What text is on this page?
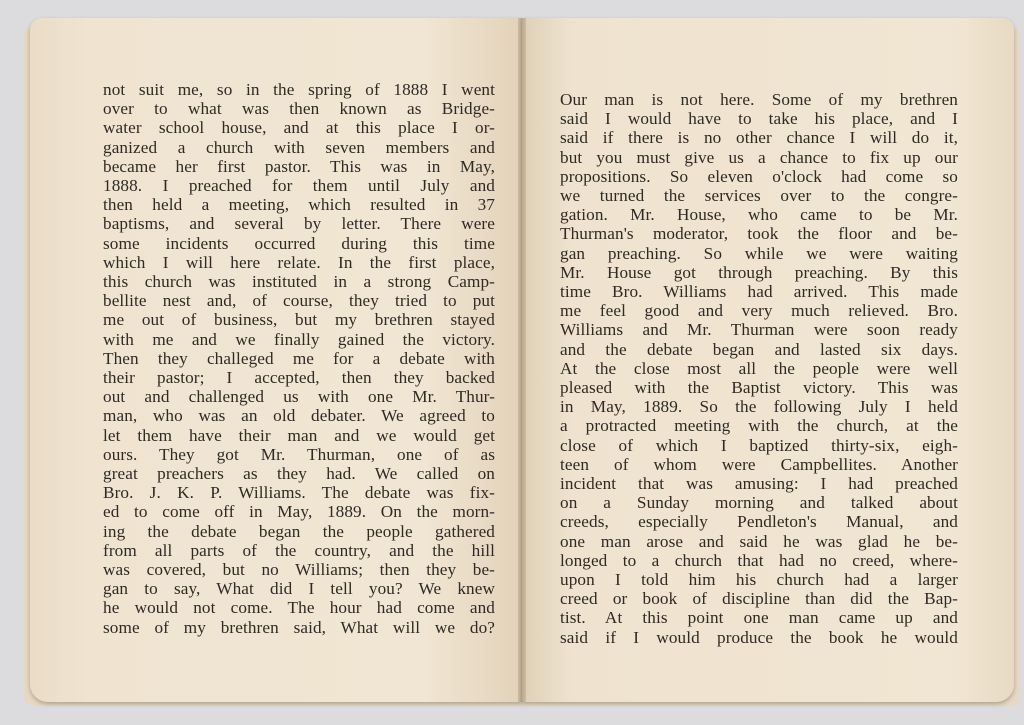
not suit me, so in the spring of 1888 I went
over to what was then known as Bridge-
water school house, and at this place I or-
ganized a church with seven members and
became her first pastor. This was in May,
1888. I preached for them until July and
then held a meeting, which resulted in 37
baptisms, and several by letter. There were
some incidents occurred during this time
which I will here relate. In the first place,
this church was instituted in a strong Camp-
bellite nest and, of course, they tried to put
me out of business, but my brethren stayed
with me and we finally gained the victory.
Then they challeged me for a debate with
their pastor; I accepted, then they backed
out and challenged us with one Mr. Thur-
man, who was an old debater. We agreed to
let them have their man and we would get
ours. They got Mr. Thurman, one of as
great preachers as they had. We called on
Bro. J. K. P. Williams. The debate was fix-
ed to come off in May, 1889. On the morn-
ing the debate began the people gathered
from all parts of the country, and the hill
was covered, but no Williams; then they be-
gan to say, What did I tell you? We knew
he would not come. The hour had come and
some of my brethren said, What will we do?
Our man is not here. Some of my brethren
said I would have to take his place, and I
said if there is no other chance I will do it,
but you must give us a chance to fix up our
propositions. So eleven o'clock had come so
we turned the services over to the congre-
gation. Mr. House, who came to be Mr.
Thurman's moderator, took the floor and be-
gan preaching. So while we were waiting
Mr. House got through preaching. By this
time Bro. Williams had arrived. This made
me feel good and very much relieved. Bro.
Williams and Mr. Thurman were soon ready
and the debate began and lasted six days.
At the close most all the people were well
pleased with the Baptist victory. This was
in May, 1889. So the following July I held
a protracted meeting with the church, at the
close of which I baptized thirty-six, eigh-
teen of whom were Campbellites. Another
incident that was amusing: I had preached
on a Sunday morning and talked about
creeds, especially Pendleton's Manual, and
one man arose and said he was glad he be-
longed to a church that had no creed, where-
upon I told him his church had a larger
creed or book of discipline than did the Bap-
tist. At this point one man came up and
said if I would produce the book he would
